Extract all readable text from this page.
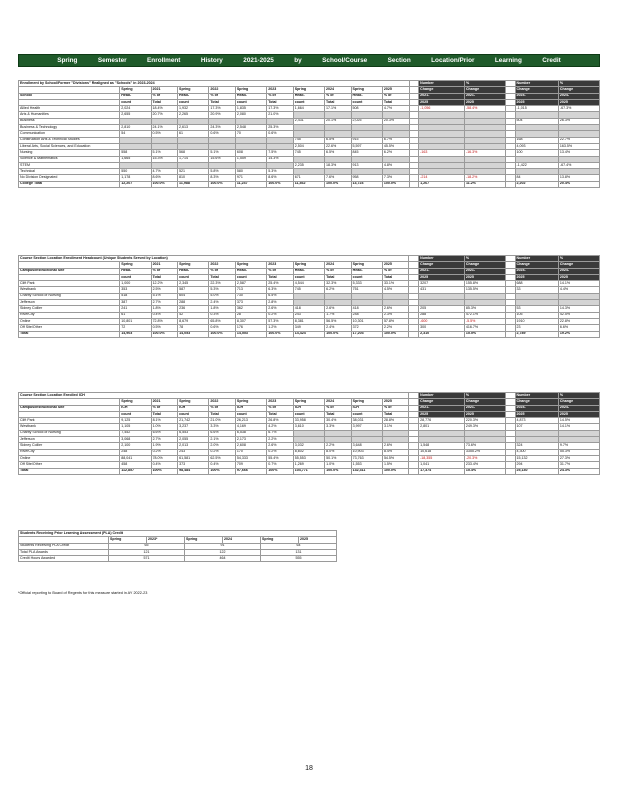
Spring	Semester	Enrollment	History	2021-2025	by	School/Course	Section	Location/Prior	Learning	Credit
Enrollment by School/Former "Divisions" Realigned as "Schools" in 2023-2024												Number	%		Number	%
	Spring	2021	Spring	2022	Spring	2023	Spring	2024	Spring	2025		Change	Change		Change	Change
School	Head-	% of	Head-	% of	Head-	% of	Head-	% of	Head-	% of		2021-	2021-		2024-	2024-
	count	Total	count	Total	count	Total	count	Total	count	Total		2025	2025		2025	2025
Allied Health	2,024	18.4%	1,932	17.3%	1,835	17.3%	1,664	17.1%	508	4.7%		-1,056	-58.4%		-1,015	-67.3%
Arts & Humanities	2,655	20.7%	2,265	20.9%	2,080	21.0%										
Business							2,431	20.1%	2,025	20.3%					504	26.3%
Business & Technology	2,810	24.1%	2,613	24.3%	2,548	25.3%										
Communication	54	0.5%	61	0.6%	70	0.6%										
Construction Arts & Technical Studies							745	6.5%	915	6.7%					168	22.7%
Liberal Arts, Social Sciences, and Education							2,504	22.6%	5,597	45.5%					4,093	163.5%
Nursing	558	5.1%	568	5.1%	608	7.5%	745	6.5%	845	6.2%		-163	-16.3%		100	13.4%
Science & Mathematics	1,665	15.3%	1,714	15.6%	1,559	14.3%										
STEM							2,235	18.3%	913	4.8%					-1,422	-67.4%
Technical	550	4.7%	521	5.8%	580	5.3%										
No Division Designated	1,178	8.6%	810	8.3%	971	8.6%	671	7.6%	958	7.3%		-214	-18.2%		84	13.8%
College Total	12,207	100.0%	11,988	100.0%	11,247	100.0%	11,462	100.0%	13,724	100.0%		1,267	11.2%		2,202	20.4%
Course Section Location Enrollment Headcount (Unique Students Served by Location)												Number	%		Number	%
	Spring	2021	Spring	2022	Spring	2023	Spring	2024	Spring	2025		Change	Change		Change	Change
Campus/Instructional Site	Head-	% of	Head-	% of	Head-	% of	Head-	% of	Head-	% of		2021-	2021-		2024-	2024-
	count	Total	count	Total	count	Total	count	Total	count	Total		2025	2025		2025	2025
Clift Park	1,000	12.2%	2,345	22.3%	2,587	25.4%	4,544	32.3%	5,333	33.1%		3207	155.8%		688	14.1%
Westbank	353	2.5%	587	5.3%	713	6.3%	745	6.2%	751	4.5%		431	135.5%		33	4.4%
Charity School of Nursing	518	5.1%	604	5.0%	730	6.5%										
Jefferson	387	2.7%	288	2.4%	373	2.8%										
Sidney Collier	241	1.8%	236	1.8%	362	2.6%	418	2.6%	418	2.6%		205	85.3%		53	14.3%
RiverCity	61	0.4%	42	0.3%	28	0.2%	243	1.7%	248	2.3%		288	472.1%		105	42.5%
Online	10,801	72.8%	8,679	65.8%	8,307	57.3%	8,381	56.5%	10,301	57.8%		-600	-5.5%		1910	22.8%
Off Site/Other	72	0.5%	78	0.6%	176	1.2%	349	2.4%	372	2.2%		300	416.7%		23	6.6%
Total	14,903	100.0%	14,053	100.0%	14,553	100.0%	14,424	100.0%	17,203	100.0%		2,310	15.5%		2,789	19.2%
Course Section Location Enrolled ICH												Number	%		Number	%
	Spring	2021	Spring	2022	Spring	2023	Spring	2024	Spring	2025		Change	Change		Change	Change
Campus/Instructional Site	ICH	% of	ICH	% of	ICH	% of	ICH	% of	ICH	% of		2021-	2021-		2024-	2024-
	count	Total	count	Total	count	Total	count	Total	count	Total		2025	2025		2025	2025
Clift Park	9,125	8.1%	21,742	21.0%	26,213	26.8%	33,958	30.4%	38,031	28.8%		28,776	220.3%		4,873	14.5%
Westbank	1,105	1.0%	3,237	3.3%	4,169	4.2%	3,610	3.3%	3,997	3.1%		2,801	249.3%		107	14.1%
Charity School of Nursing	7,452	6.6%	6,553	6.6%	6,538	6.7%										
Jefferson	3,068	2.7%	2,055	2.1%	2,173	2.2%										
Sidney Collier	2,100	1.9%	2,013	2.0%	2,608	2.6%	3,032	2.2%	3,648	2.6%		1,548	73.6%		324	9.7%
RiverCity	248	0.2%	243	0.2%	170	0.2%	8,602	8.0%	10,903	8.4%		10,618	3355.2%		4,300	55.3%
Online	88,041	78.0%	61,581	62.5%	54,333	55.4%	55,553	50.1%	73,763	54.5%		-18,355	-20.3%		15,132	27.3%
Off Site/Other	458	0.4%	373	0.4%	709	0.7%	1,269	1.0%	1,553	1.5%		1,041	233.4%		294	31.7%
Total	112,857	100%	98,484	100%	97,666	100%	104,771	100.0%	132,311	100.0%		17,374	15.4%		25,140	24.3%
Students Receiving Prior Learning Assessment (PLA) Credit						
	Spring	2023*	Spring	2024	Spring	2025
Students Receiving PLA Credit	65		91		64	
Total PLA Awards	121		122		131	
Credit Hours Awarded	571		464		555	
*Official reporting to Board of Regents for this measure started in AY 2022-23
18
